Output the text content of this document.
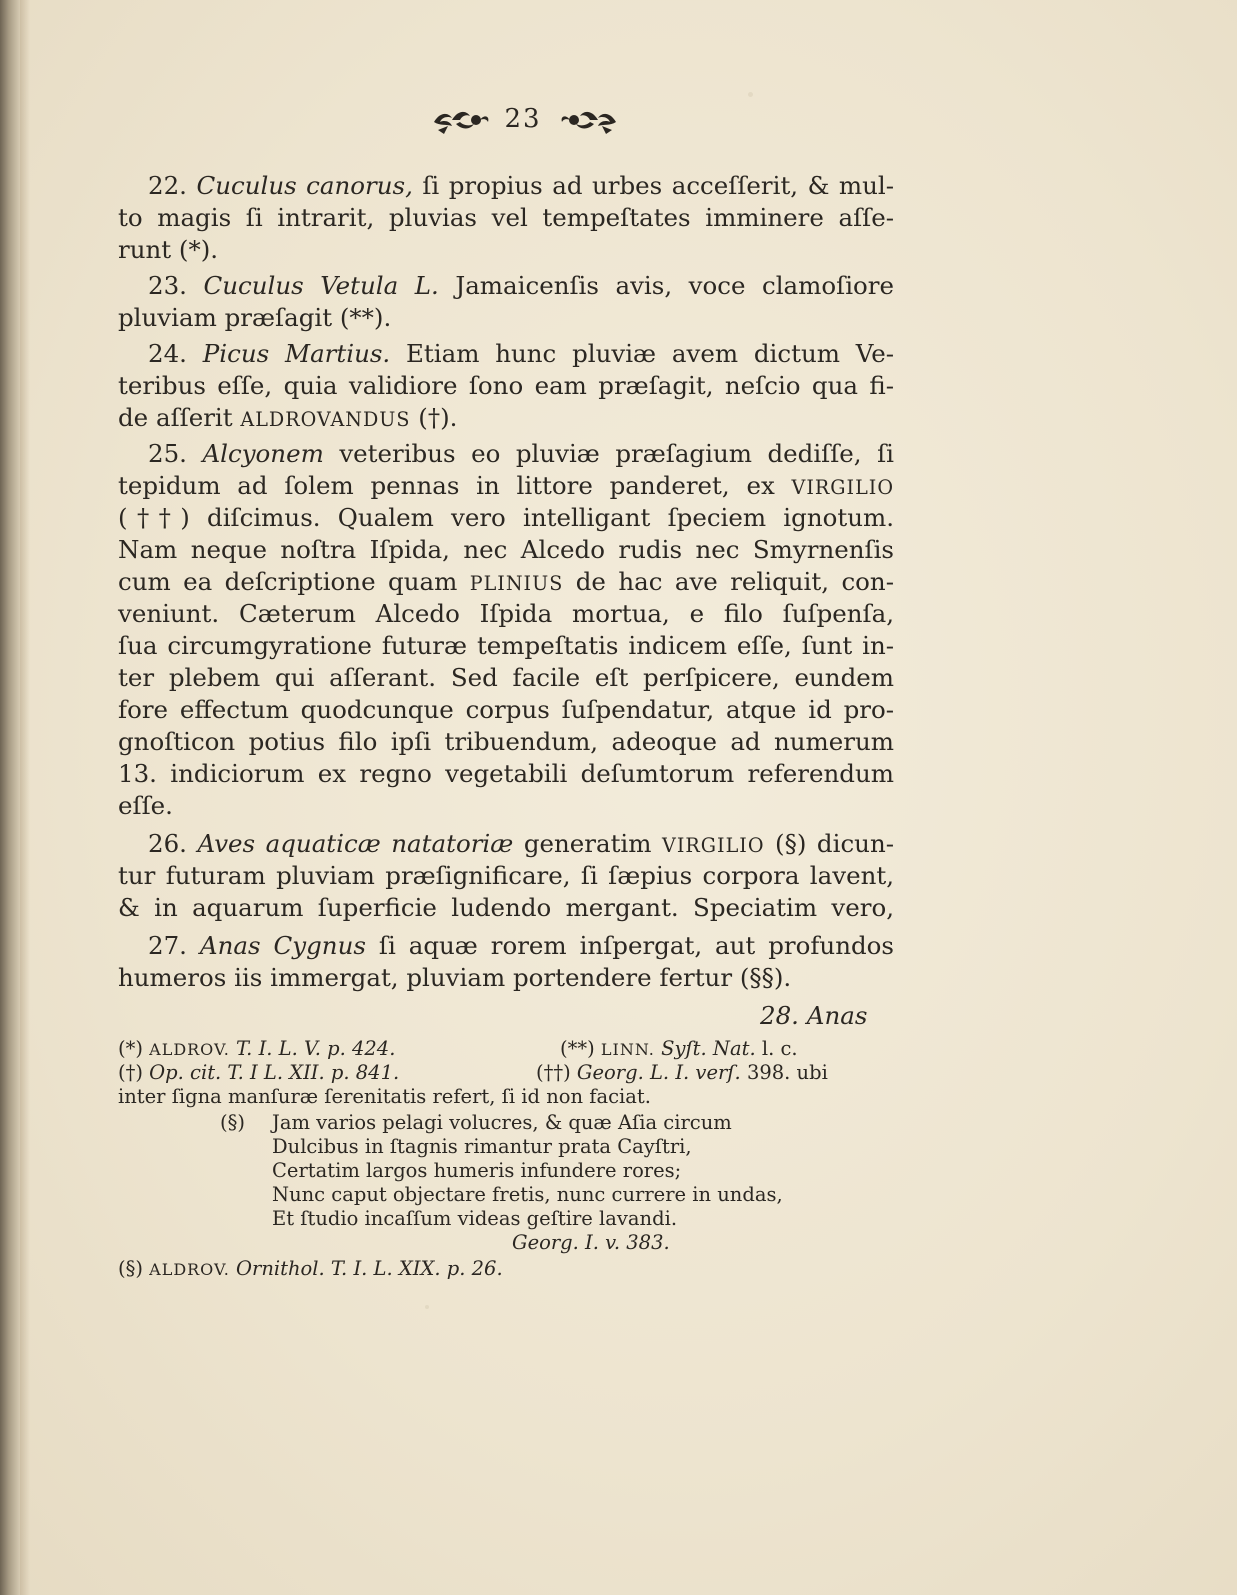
23
22. Cuculus canorus, ſi propius ad urbes acceſſerit, & mul-
to magis ſi intrarit, pluvias vel tempeſtates imminere aſſe-
runt (*).
23. Cuculus Vetula L. Jamaicenſis avis, voce clamoſiore
pluviam præſagit (**).
24. Picus Martius. Etiam hunc pluviæ avem dictum Ve-
teribus eſſe, quia validiore ſono eam præſagit, neſcio qua fi-
de aſſerit ALDROVANDUS (†).
25. Alcyonem veteribus eo pluviæ præſagium dediſſe, ſi
tepidum ad ſolem pennas in littore panderet, ex VIRGILIO
(††) diſcimus. Qualem vero intelligant ſpeciem ignotum.
Nam neque noſtra Iſpida, nec Alcedo rudis nec Smyrnenſis
cum ea deſcriptione quam PLINIUS de hac ave reliquit, con-
veniunt. Cæterum Alcedo Iſpida mortua, e filo ſuſpenſa,
ſua circumgyratione futuræ tempeſtatis indicem eſſe, ſunt in-
ter plebem qui aſſerant. Sed facile eſt perſpicere, eundem
fore effectum quodcunque corpus ſuſpendatur, atque id pro-
gnoſticon potius filo ipſi tribuendum, adeoque ad numerum
13. indiciorum ex regno vegetabili deſumtorum referendum
eſſe.
26. Aves aquaticæ natatoriæ generatim VIRGILIO (§) dicun-
tur futuram pluviam præſignificare, ſi ſæpius corpora lavent,
& in aquarum ſuperficie ludendo mergant. Speciatim vero,
27. Anas Cygnus ſi aquæ rorem inſpergat, aut profundos
humeros iis immergat, pluviam portendere fertur (§§).
28. Anas
(*) ALDROV. T. I. L. V. p. 424.	(**) LINN. Syſt. Nat. l. c.
(†) Op. cit. T. I L. XII. p. 841.	(††) Georg. L. I. verſ. 398. ubi
inter ſigna manſuræ ſerenitatis refert, ſi id non faciat.
(§) Jam varios pelagi volucres, & quæ Aſia circum
Dulcibus in ſtagnis rimantur prata Cayſtri,
Certatim largos humeris infundere rores;
Nunc caput objectare fretis, nunc currere in undas,
Et ſtudio incaſſum videas geſtire lavandi.
Georg. I. v. 383.
(§) ALDROV. Ornithol. T. I. L. XIX. p. 26.
